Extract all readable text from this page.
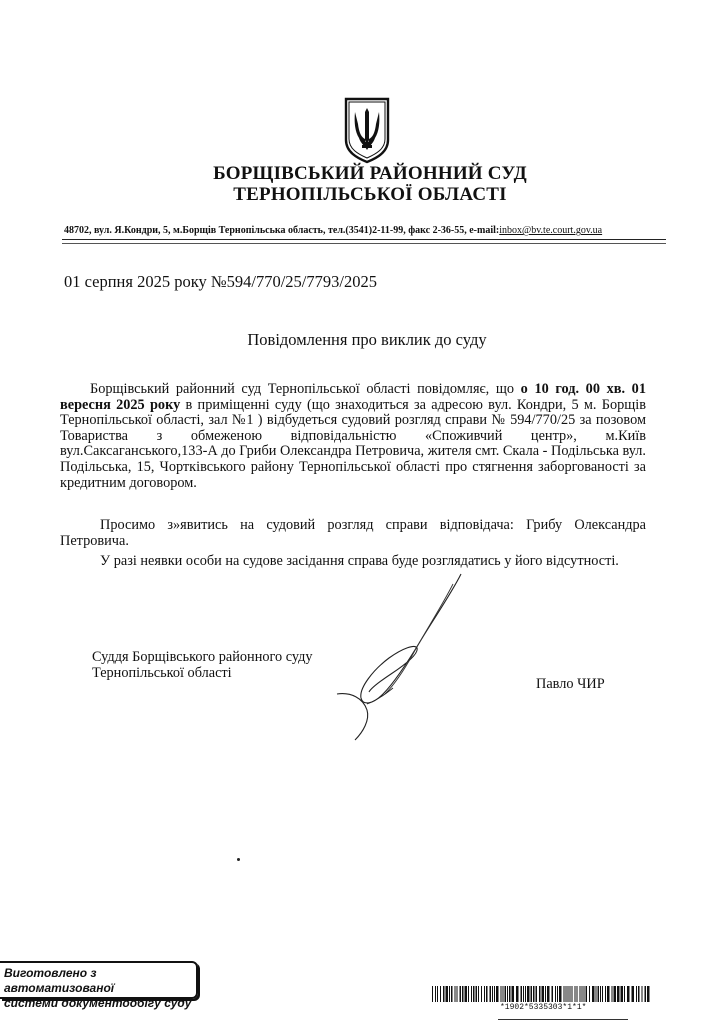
БОРЩІВСЬКИЙ РАЙОННИЙ СУД
ТЕРНОПІЛЬСЬКОЇ ОБЛАСТІ
48702, вул. Я.Кондри, 5, м.Борщів Тернопільська область, тел.(3541)2-11-99, факс 2-36-55, e-mail:inbox@bv.te.court.gov.ua
01 серпня 2025 року №594/770/25/7793/2025
Повідомлення про виклик до суду
Борщівський районний суд Тернопільської області повідомляє, що о 10 год. 00 хв. 01 вересня 2025 року в приміщенні суду (що знаходиться за адресою вул. Кондри, 5 м. Борщів Тернопільської області, зал №1 ) відбудеться судовий розгляд справи № 594/770/25 за позовом Товариства з обмеженою відповідальністю «Споживчий центр», м.Київ вул.Саксаганського,133-А до Гриби Олександра Петровича, жителя смт. Скала - Подільська вул. Подільська, 15, Чортківського району Тернопільської області про стягнення заборгованості за кредитним договором.
Просимо з»явитись на судовий розгляд справи відповідача: Грибу Олександра Петровича.
У разі неявки особи на судове засідання справа буде розглядатись у його відсутності.
Суддя Борщівського районного суду
Тернопільської області
Павло ЧИР
Виготовлено з автоматизованої
системи документообігу суду	*1902*5335303*1*1*
